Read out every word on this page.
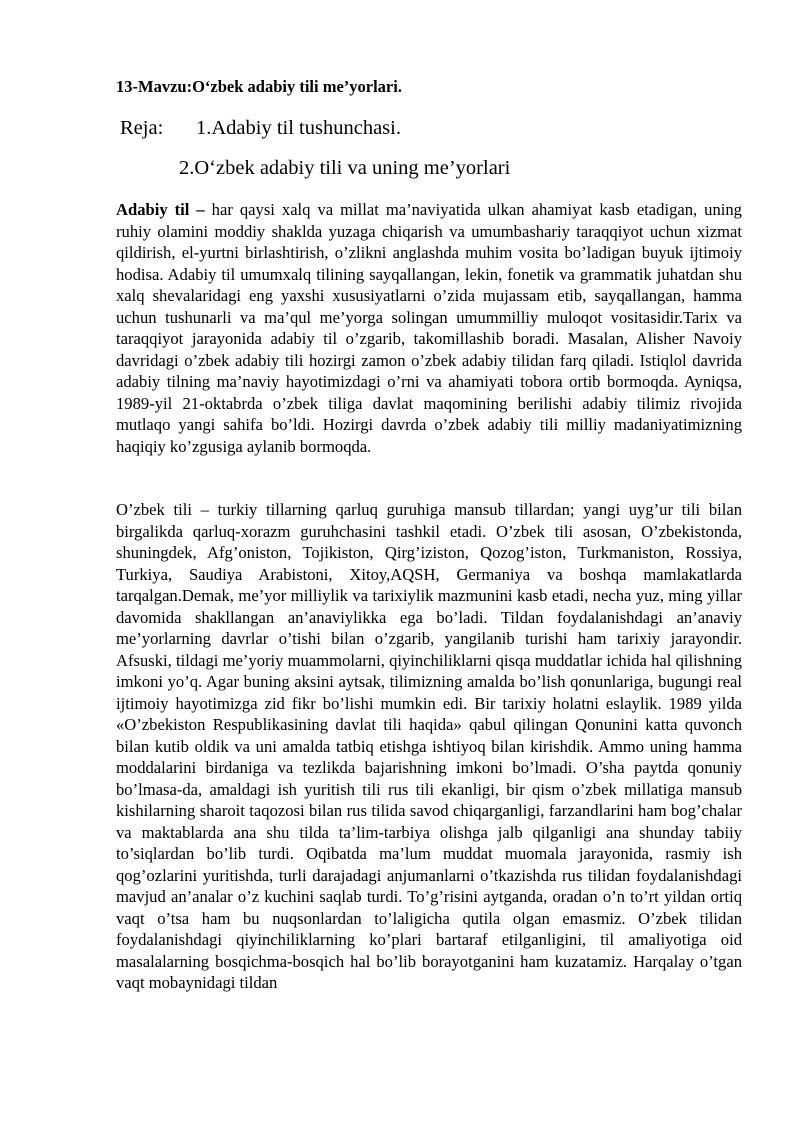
13-Mavzu:O‘zbek adabiy tili me’yorlari.
Reja: 1.Adabiy til tushunchasi.
2.O‘zbek adabiy tili va uning me’yorlari

Adabiy til – har qaysi xalq va millat ma’naviyatida ulkan ahamiyat kasb etadigan, uning ruhiy olamini moddiy shaklda yuzaga chiqarish va umumbashariy taraqqiyot uchun xizmat qildirish, el-yurtni birlashtirish, o’zlikni anglashda muhim vosita bo’ladigan buyuk ijtimoiy hodisa. Adabiy til umumxalq tilining sayqallangan, lekin, fonetik va grammatik juhatdan shu xalq shevalaridagi eng yaxshi xususiyatlarni o’zida mujassam etib, sayqallangan, hamma uchun tushunarli va ma’qul me’yorga solingan umummilliy muloqot vositasidir.Tarix va taraqqiyot jarayonida adabiy til o’zgarib, takomillashib boradi. Masalan, Alisher Navoiy davridagi o’zbek adabiy tili hozirgi zamon o’zbek adabiy tilidan farq qiladi. Istiqlol davrida adabiy tilning ma’naviy hayotimizdagi o’rni va ahamiyati tobora ortib bormoqda. Ayniqsa, 1989-yil 21-oktabrda o’zbek tiliga davlat maqomining berilishi adabiy tilimiz rivojida mutlaqo yangi sahifa bo’ldi. Hozirgi davrda o’zbek adabiy tili milliy madaniyatimizning haqiqiy ko’zgusiga aylanib bormoqda.

O’zbek tili – turkiy tillarning qarluq guruhiga mansub tillardan; yangi uyg’ur tili bilan birgalikda qarluq-xorazm guruhchasini tashkil etadi. O’zbek tili asosan, O’zbekistonda, shuningdek, Afg’oniston, Tojikiston, Qirg’iziston, Qozog’iston, Turkmaniston, Rossiya, Turkiya, Saudiya Arabistoni, Xitoy,AQSH, Germaniya va boshqa mamlakatlarda tarqalgan.Demak, me’yor milliylik va tarixiylik mazmunini kasb etadi, necha yuz, ming yillar davomida shakllangan an’anaviylikka ega bo’ladi. Tildan foydalanishdagi an’anaviy me’yorlarning davrlar o’tishi bilan o’zgarib, yangilanib turishi ham tarixiy jarayondir. Afsuski, tildagi me’yoriy muammolarni, qiyinchiliklarni qisqa muddatlar ichida hal qilishning imkoni yo’q. Agar buning aksini aytsak, tilimizning amalda bo’lish qonunlariga, bugungi real ijtimoiy hayotimizga zid fikr bo’lishi mumkin edi. Bir tarixiy holatni eslaylik. 1989 yilda «O’zbekiston Respublikasining davlat tili haqida» qabul qilingan Qonunini katta quvonch bilan kutib oldik va uni amalda tatbiq etishga ishtiyoq bilan kirishdik. Ammo uning hamma moddalarini birdaniga va tezlikda bajarishning imkoni bo’lmadi. O’sha paytda qonuniy bo’lmasa-da, amaldagi ish yuritish tili rus tili ekanligi, bir qism o’zbek millatiga mansub kishilarning sharoit taqozosi bilan rus tilida savod chiqarganligi, farzandlarini ham bog’chalar va maktablarda ana shu tilda ta’lim-tarbiya olishga jalb qilganligi ana shunday tabiiy to’siqlardan bo’lib turdi. Oqibatda ma’lum muddat muomala jarayonida, rasmiy ish qog’ozlarini yuritishda, turli darajadagi anjumanlarni o’tkazishda rus tilidan foydalanishdagi mavjud an’analar o’z kuchini saqlab turdi. To’g’risini aytganda, oradan o’n to’rt yildan ortiq vaqt o’tsa ham bu nuqsonlardan to’laligicha qutila olgan emasmiz. O’zbek tilidan foydalanishdagi qiyinchiliklarning ko’plari bartaraf etilganligini, til amaliyotiga oid masalalarning bosqichma-bosqich hal bo’lib borayotganini ham kuzatamiz. Harqalay o’tgan vaqt mobaynidagi tildan
